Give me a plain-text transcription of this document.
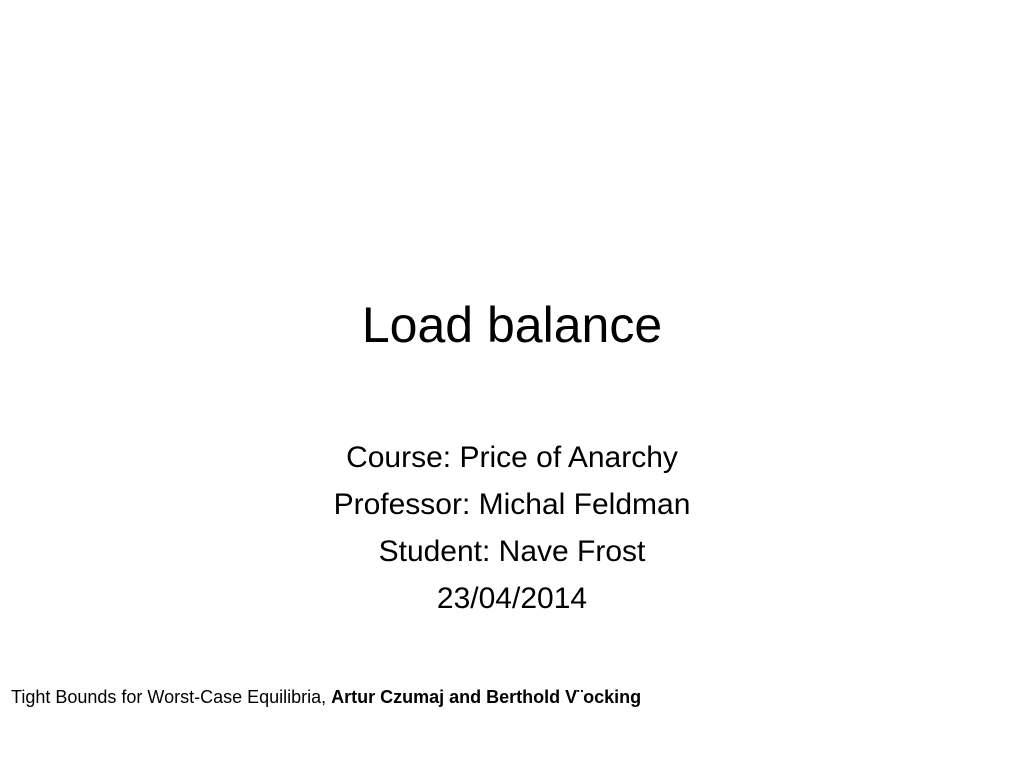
Load balance
Course: Price of Anarchy
Professor: Michal Feldman
Student: Nave Frost
23/04/2014
Tight Bounds for Worst-Case Equilibria, Artur Czumaj and Berthold V¨ocking
